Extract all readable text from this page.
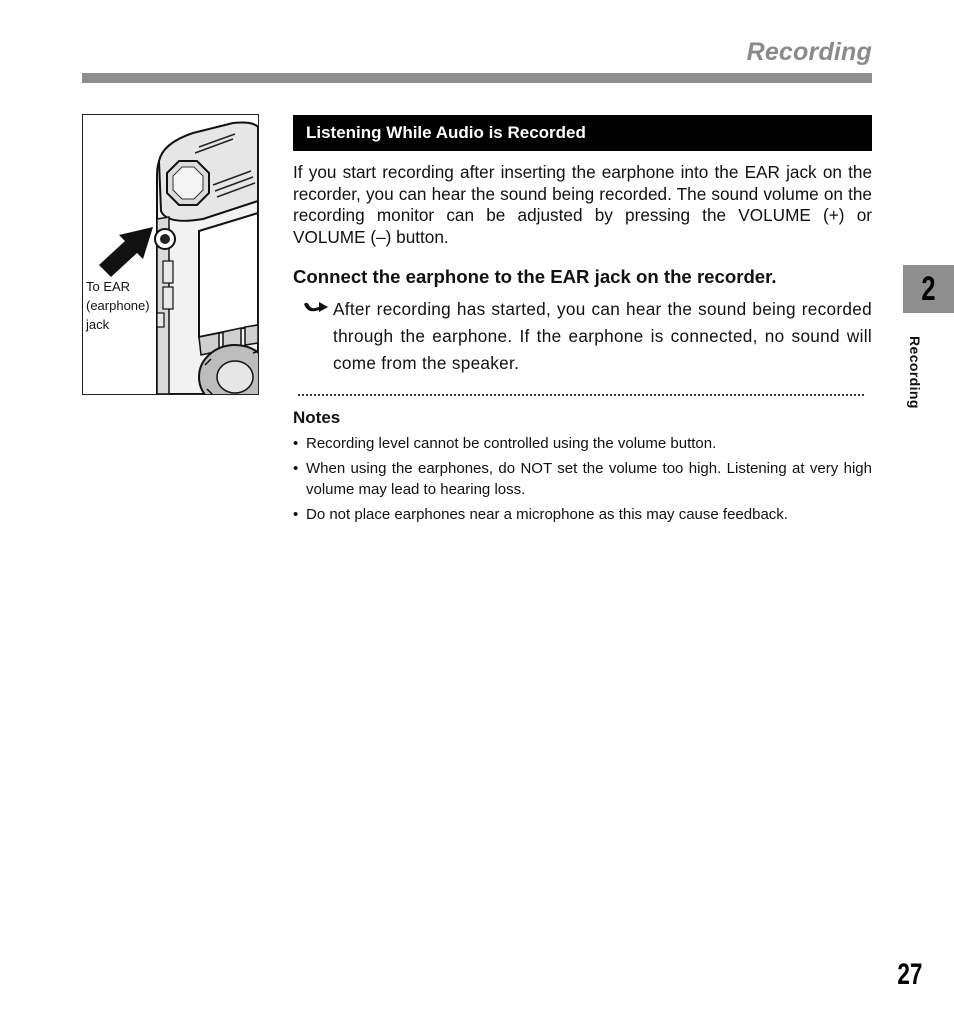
Recording
To EAR
(earphone)
jack
Listening While Audio is Recorded

If you start recording after inserting the earphone into the EAR jack on the recorder, you can hear the sound being recorded. The sound volume on the recording monitor can be adjusted by pressing the VOLUME (+) or VOLUME (–) button.

Connect the earphone to the EAR jack on the recorder.

After recording has started, you can hear the sound being recorded through the earphone. If the earphone is connected, no sound will come from the speaker.

Notes
• Recording level cannot be controlled using the volume button.
• When using the earphones, do NOT set the volume too high. Listening at very high volume may lead to hearing loss.
• Do not place earphones near a microphone as this may cause feedback.
2
Recording
27
